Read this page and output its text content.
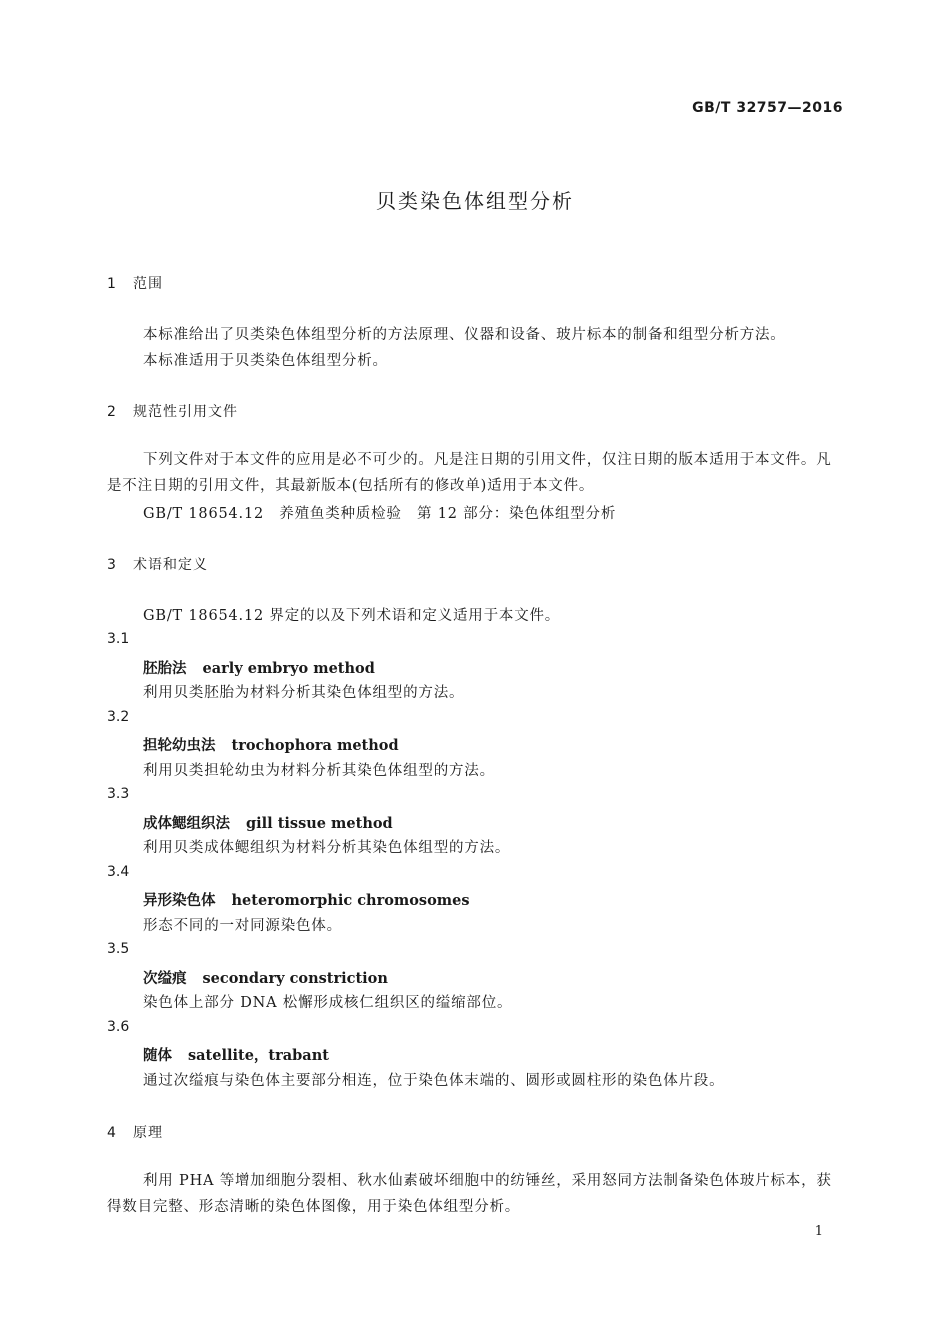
GB/T 32757—2016
贝类染色体组型分析
1 范围
本标准给出了贝类染色体组型分析的方法原理、仪器和设备、玻片标本的制备和组型分析方法。
本标准适用于贝类染色体组型分析。
2 规范性引用文件
下列文件对于本文件的应用是必不可少的。凡是注日期的引用文件，仅注日期的版本适用于本文件。凡是不注日期的引用文件，其最新版本(包括所有的修改单)适用于本文件。
GB/T 18654.12　养殖鱼类种质检验　第 12 部分：染色体组型分析
3 术语和定义
GB/T 18654.12 界定的以及下列术语和定义适用于本文件。
3.1
胚胎法 early embryo method
利用贝类胚胎为材料分析其染色体组型的方法。
3.2
担轮幼虫法 trochophora method
利用贝类担轮幼虫为材料分析其染色体组型的方法。
3.3
成体鳃组织法 gill tissue method
利用贝类成体鳃组织为材料分析其染色体组型的方法。
3.4
异形染色体 heteromorphic chromosomes
形态不同的一对同源染色体。
3.5
次缢痕 secondary constriction
染色体上部分 DNA 松懈形成核仁组织区的缢缩部位。
3.6
随体 satellite，trabant
通过次缢痕与染色体主要部分相连，位于染色体末端的、圆形或圆柱形的染色体片段。
4 原理
利用 PHA 等增加细胞分裂相、秋水仙素破坏细胞中的纺锤丝，采用怒同方法制备染色体玻片标本，获得数目完整、形态清晰的染色体图像，用于染色体组型分析。
1
